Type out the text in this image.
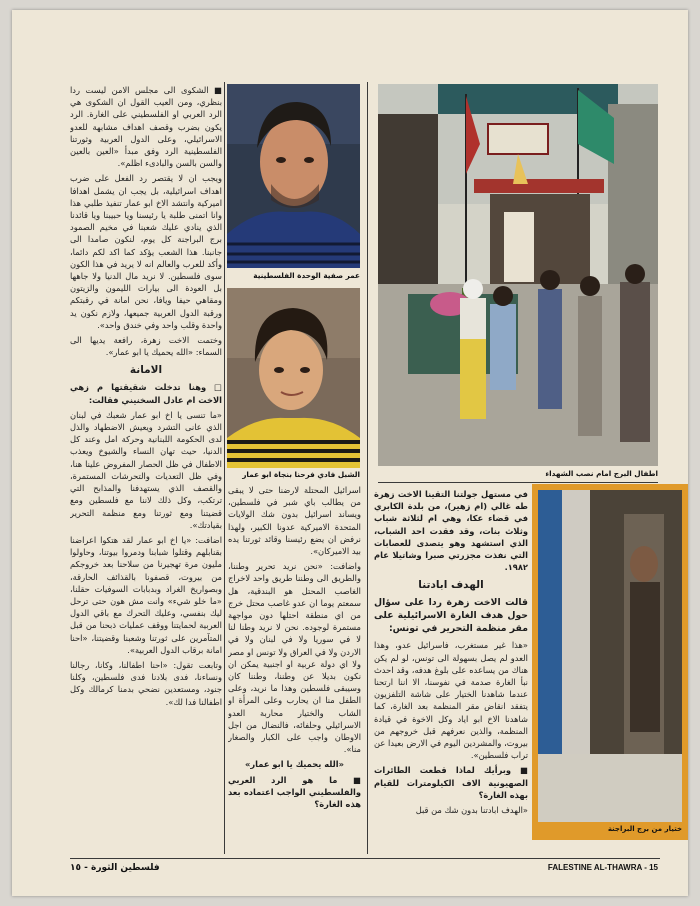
■ الشكوى الى مجلس الامن ليست ردا بنظري، ومن العيب القول ان الشكوى هي الرد العربي او الفلسطيني على الغارة. الرد يكون بضرب وقصف اهداف مشابهة للعدو الاسرائيلي، وعلى الدول العربية وثورتنا الفلسطينية الرد وفق مبدأ «العين بالعين والسن بالسن والبادىء اظلم».

ويجب ان لا يقتصر رد الفعل على ضرب اهداف اسرائيلية، بل يجب ان يشمل اهدافا اميركية وانتشد الاخ ابو عمار تنفيذ طلبي هذا وانا اتمنى طلبة يا رئيسنا ويا حبيبنا ويا قائدنا الذي ينادي عليك شعبنا في مخيم الصمود برج البراجنة كل يوم، لنكون صامدا الى جانبنا. هذا الشعب يؤكد كما اكد لكم دائما، وأكد للعرب والعالم انه لا يريد في هذا الكون سوى فلسطين. لا نريد مال الدنيا ولا جاهها بل العودة الى بيارات الليمون والزيتون ومقاهي حيفا ويافا، نحن امانة في رقبتكم ورقبة الدول العربية جميعها، ولازم نكون يد واحدة وقلب واحد وفي خندق واحد».

وختمت الاخت زهرة، رافعة يديها الى السماء: «الله يحميك يا ابو عمار».

الامانة

□ وهنا تدخلت شقيقتها م زهي الاخت ام عادل السخنيني فقالت:

«ما تنسى يا اخ ابو عمار شعبك في لبنان الذي عانى التشرد ويعيش الاضطهاد والذل لدى الحكومة اللبنانية وحركة امل وعند كل الدنيا، حيث تهان النساء والشيوخ ويعذب الاطفال في ظل الحصار المفروض علينا هنا، وفي ظل التعديات والتحرشات المستمرة، والقصف الذي يستهدفنا والمذابح التي ترتكب، وكل ذلك لاننا مع فلسطين ومع قضيتنا ومع ثورتنا ومع منظمة التحرير بقيادتك».

اضافت: «يا اخ ابو عمار لقد هتكوا اعراضنا بقنابلهم وقتلوا شبابنا ودمروا بيوتنا، وحاولوا مليون مرة تهجيرنا من سلاحنا بعد خروجكم من بيروت، قصفونا بالقذائف الحارقة، وبصواريخ الغراد وبدبابات السوفيات حقلنا، «ما خلو شيء» وانت مش هون حتى ترحل ليك بنفسي، وعليك التحرك مع باقي الدول العربية لحمايتنا ووقف عمليات ذبحنا من قبل المتآمرين على ثورتنا وشعبنا وقضيتنا، «احنا امانة برقاب الدول العربية».

وتابعت تقول: «احنا اطفالنا، وكانا، رجالنا ونساءنا، فدى بلادنا فدى فلسطين، وكلنا جنود، ومستعدين نضحي بدمنا كرمالك وكل اطفالنا فدا لك».

عمر صفية الوحدة الفلسطينية
الشبل فادي فرحنا بنجاة ابو عمار

اسرائيل المحتلة لارضنا حتى لا يبقى من يطالب باي شبر في فلسطين، ويساند اسرائيل بدون شك الولايات المتحدة الاميركية عدونا الكبير، ولهذا نرفض ان يضع رئيسنا وقائد ثورتنا يده بيد الاميركان».

واضافت: «نحن نريد تحرير وطننا، والطريق الى وطننا طريق واحد لاخراج الغاصب المحتل هو البندقية، هل سمعتم يوما ان عدو غاصب محتل خرج من اي منطقة احتلها دون مواجهة مستمرة لوجوده. نحن لا نريد وطنا لنا لا في سوريا ولا في لبنان ولا في الاردن ولا في العراق ولا تونس او مصر ولا اي دولة عربية او اجنبية يمكن ان نكون بديلا عن وطننا، وطننا كان وسيبقى فلسطين وهذا ما نريد، وعلى الطفل منا ان يحارب وعلى المرأة او الشاب والختيار محاربة العدو الاسرائيلي وحلفائه، فالنضال من اجل الاوطان واجب على الكبار والصغار منا».

«الله يحميك يا ابو عمار»

■ ما هو الرد العربي والفلسطيني الواجب اعتماده بعد هذه الغارة؟

اطفال البرج امام نصب الشهداء

في مستهل جولتنا التقينا الاخت زهرة طه غالي (ام زهير)، من بلدة الكابري في قضاء عكا، وهي ام لثلاثة شباب وثلاث بنات، وقد فقدت احد الشباب، الذي استشهد وهو يتصدى للعصابات التي نفذت مجزرتي صبرا وشاتيلا عام ١٩٨٢.

الهدف ابادتنا

قالت الاخت زهرة ردا على سؤال حول هدف الغارة الاسرائيلية على مقر منظمة التحرير في تونس:

«هذا غير مستغرب، فاسرائيل عدو، وهذا العدو لم يصل بسهولة الى تونس، لو لم يكن هناك من يساعده على بلوغ هدفه، وقد احدث نبأ الغارة صدمة في نفوسنا، الا اننا ارتحنا عندما شاهدنا الختيار على شاشة التلفزيون يتفقد انقاض مقر المنظمة بعد الغارة، كما شاهدنا الاخ ابو اياد وكل الاخوة في قيادة المنظمة، والذين نعرفهم قبل خروجهم من بيروت، والمشردين اليوم في الارض بعيدا عن تراب فلسطين».

■ وبرأيك لماذا قطعت الطائرات الصهيونية الاف الكيلومترات للقيام بهذه الغارة؟

«الهدف ابادتنا بدون شك من قبل

ختيار من برج البراجنة
فلسطين الثورة - ١٥	FALESTINE AL-THAWRA - 15
